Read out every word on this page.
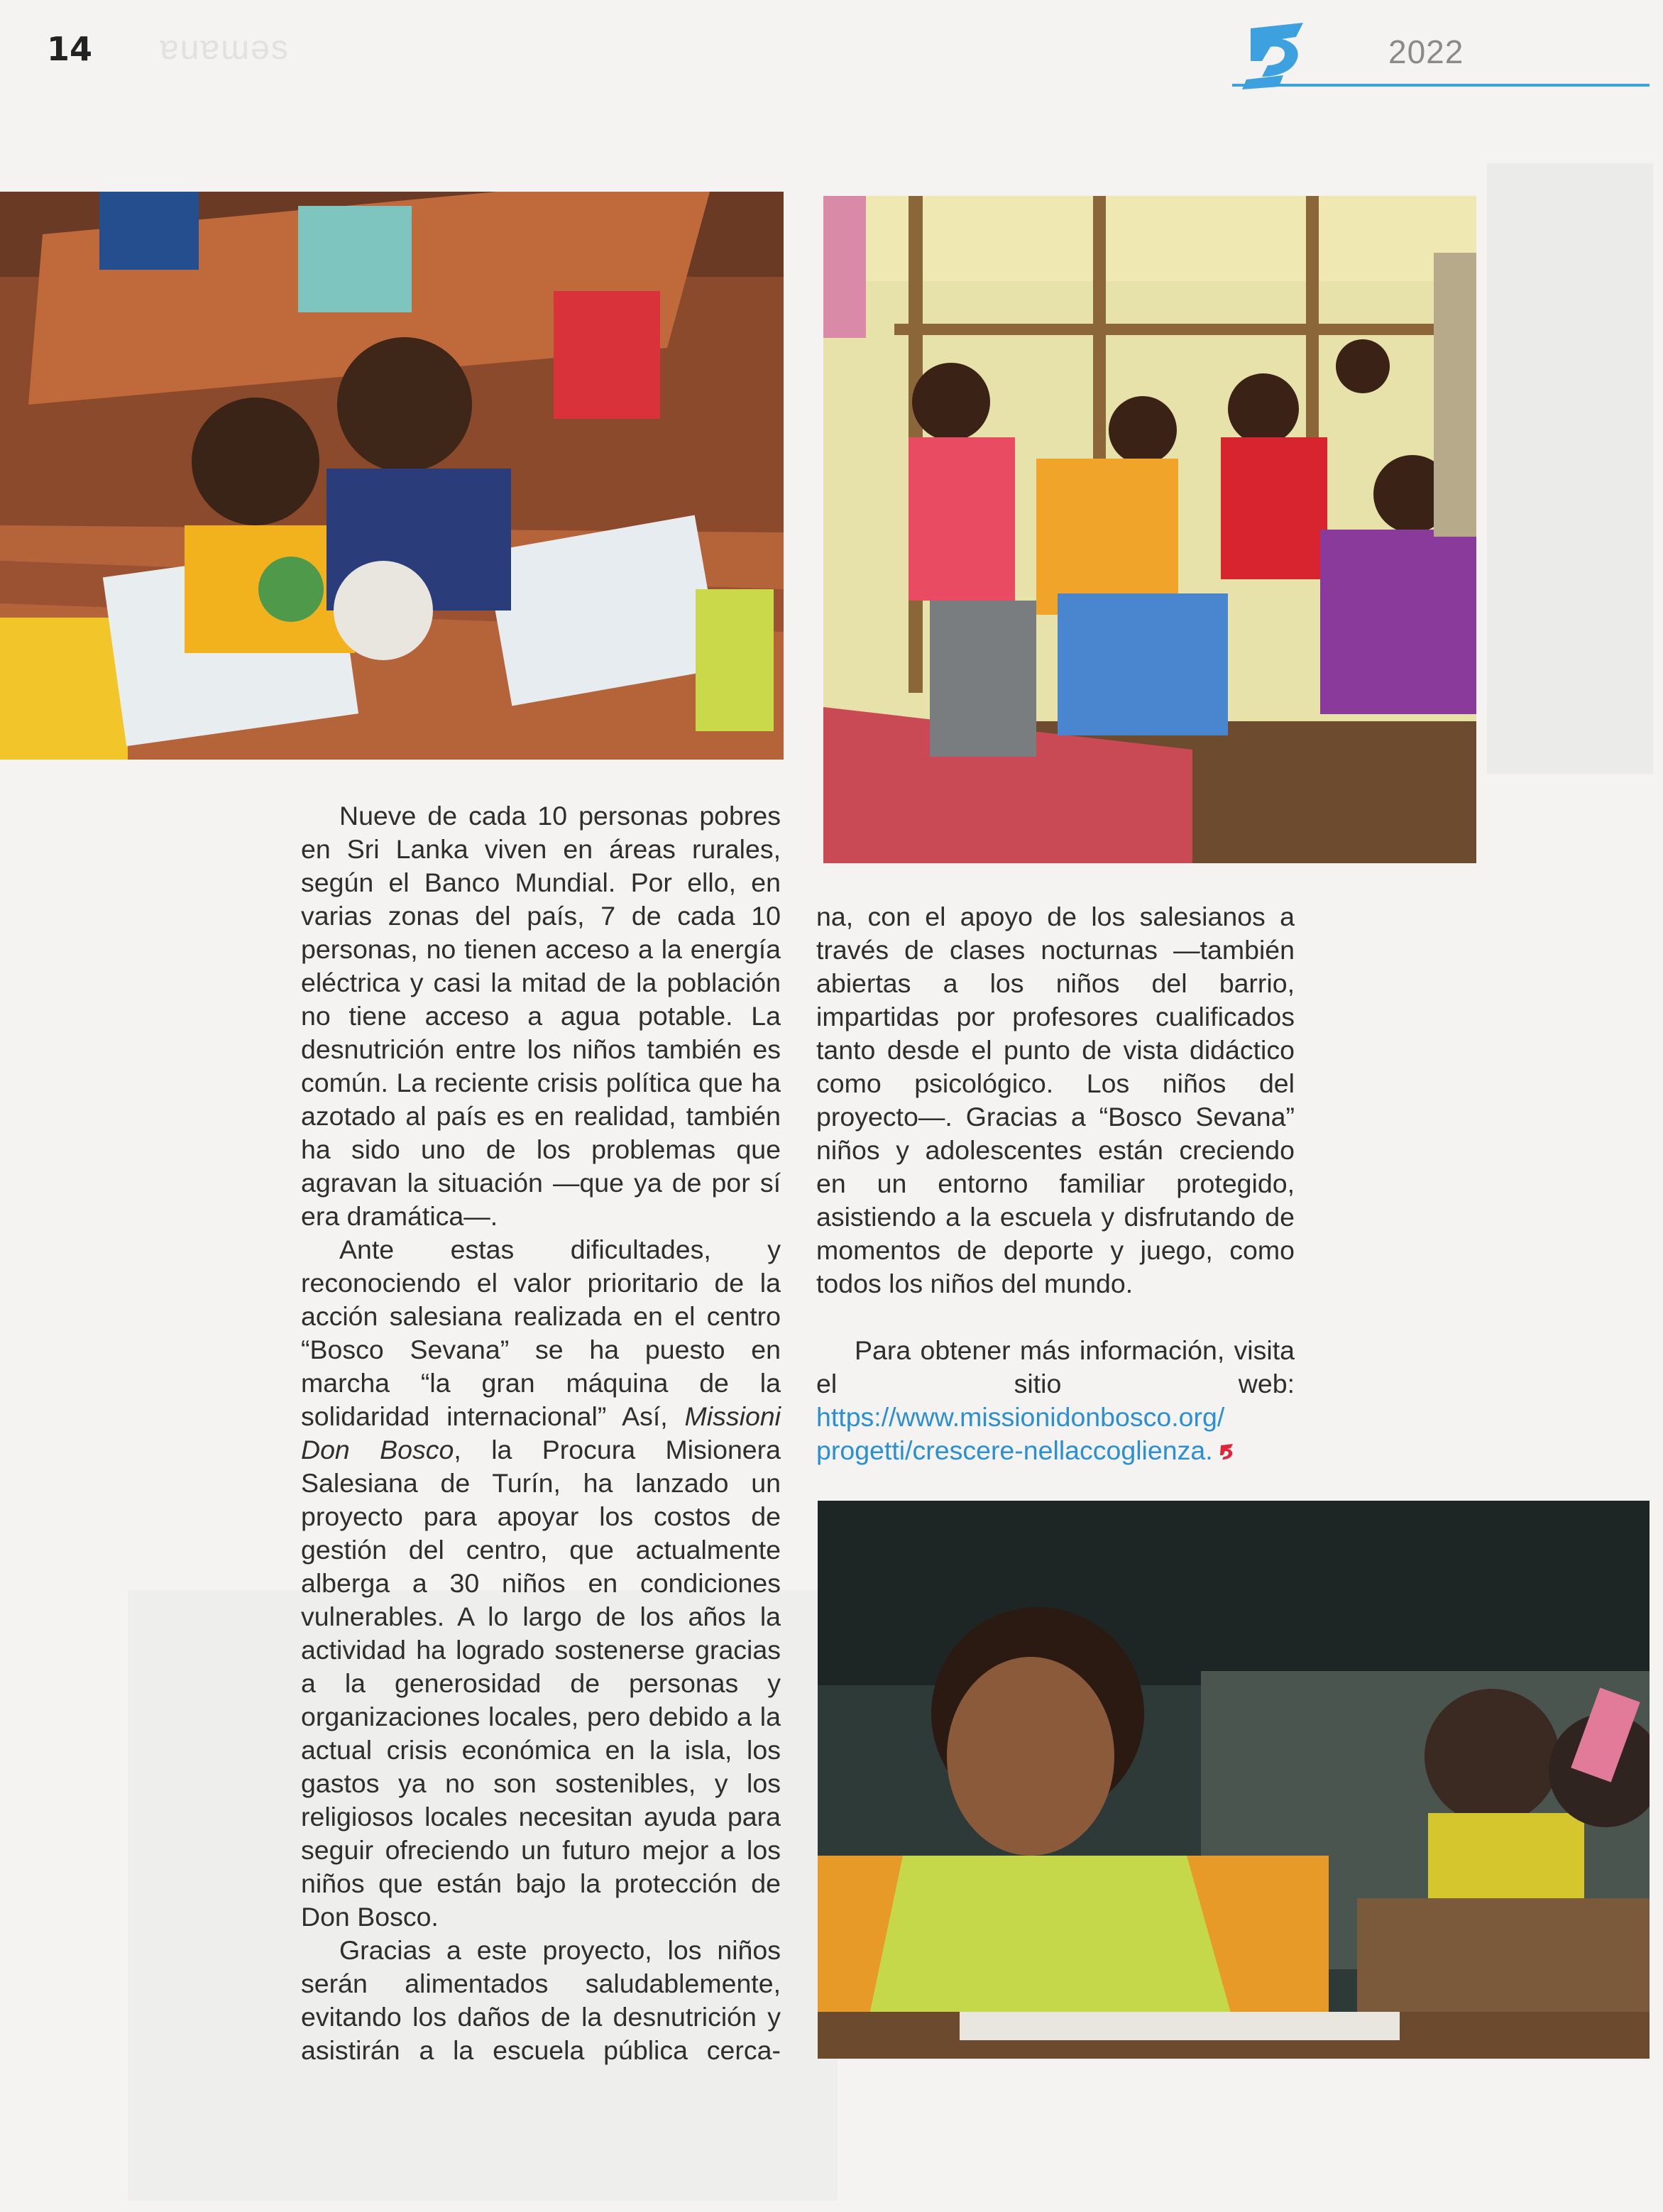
14 ɐuɐɯǝs	2022

Nueve de cada 10 personas pobres en Sri Lanka viven en áreas rurales, según el Banco Mundial. Por ello, en varias zonas del país, 7 de cada 10 personas, no tienen acceso a la energía eléctrica y casi la mitad de la población no tiene acceso a agua potable. La desnutrición entre los niños también es común. La reciente crisis política que ha azotado al país es en realidad, también ha sido uno de los problemas que agravan la situación —que ya de por sí era dramática—.

Ante estas dificultades, y reconociendo el valor prioritario de la acción salesiana realizada en el centro “Bosco Sevana” se ha puesto en marcha “la gran máquina de la solidaridad internacional” Así, Missioni Don Bosco, la Procura Misionera Salesiana de Turín, ha lanzado un proyecto para apoyar los costos de gestión del centro, que actualmente alberga a 30 niños en condiciones vulnerables. A lo largo de los años la actividad ha logrado sostenerse gracias a la generosidad de personas y organizaciones locales, pero debido a la actual crisis económica en la isla, los gastos ya no son sostenibles, y los religiosos locales necesitan ayuda para seguir ofreciendo un futuro mejor a los niños que están bajo la protección de Don Bosco.

Gracias a este proyecto, los niños serán alimentados saludablemente, evitando los daños de la desnutrición y asistirán a la escuela pública cerca-

na, con el apoyo de los salesianos a través de clases nocturnas —también abiertas a los niños del barrio, impartidas por profesores cualificados tanto desde el punto de vista didáctico como psicológico. Los niños del proyecto—. Gracias a “Bosco Sevana” niños y adolescentes están creciendo en un entorno familiar protegido, asistiendo a la escuela y disfrutando de momentos de deporte y juego, como todos los niños del mundo.

Para obtener más información, visita el sitio web: https://www.missionidonbosco.org/ progetti/crescere-nellaccoglienza.
